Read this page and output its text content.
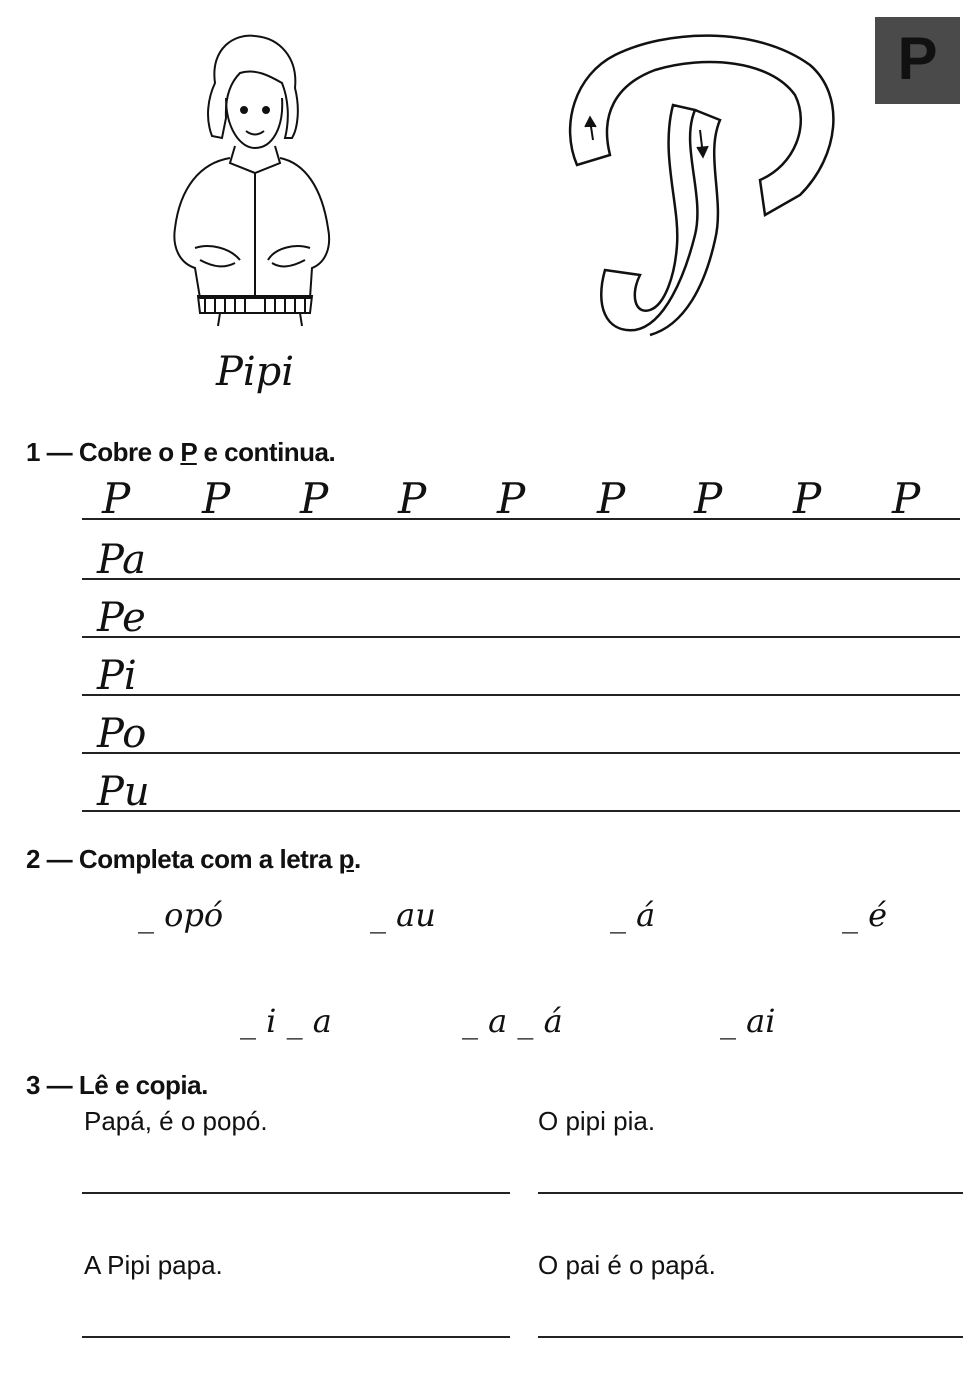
P
Pipi
1 — Cobre o P e continua.
P P P P P P P P P
Pa
Pe
Pi
Po
Pu
2 — Completa com a letra p.
_ opó	_ au	_ á	_ é
_ i _ a	_ a _ á	_ ai
3 — Lê e copia.
Papá, é o popó.	O pipi pia.
A Pipi papa.	O pai é o papá.
